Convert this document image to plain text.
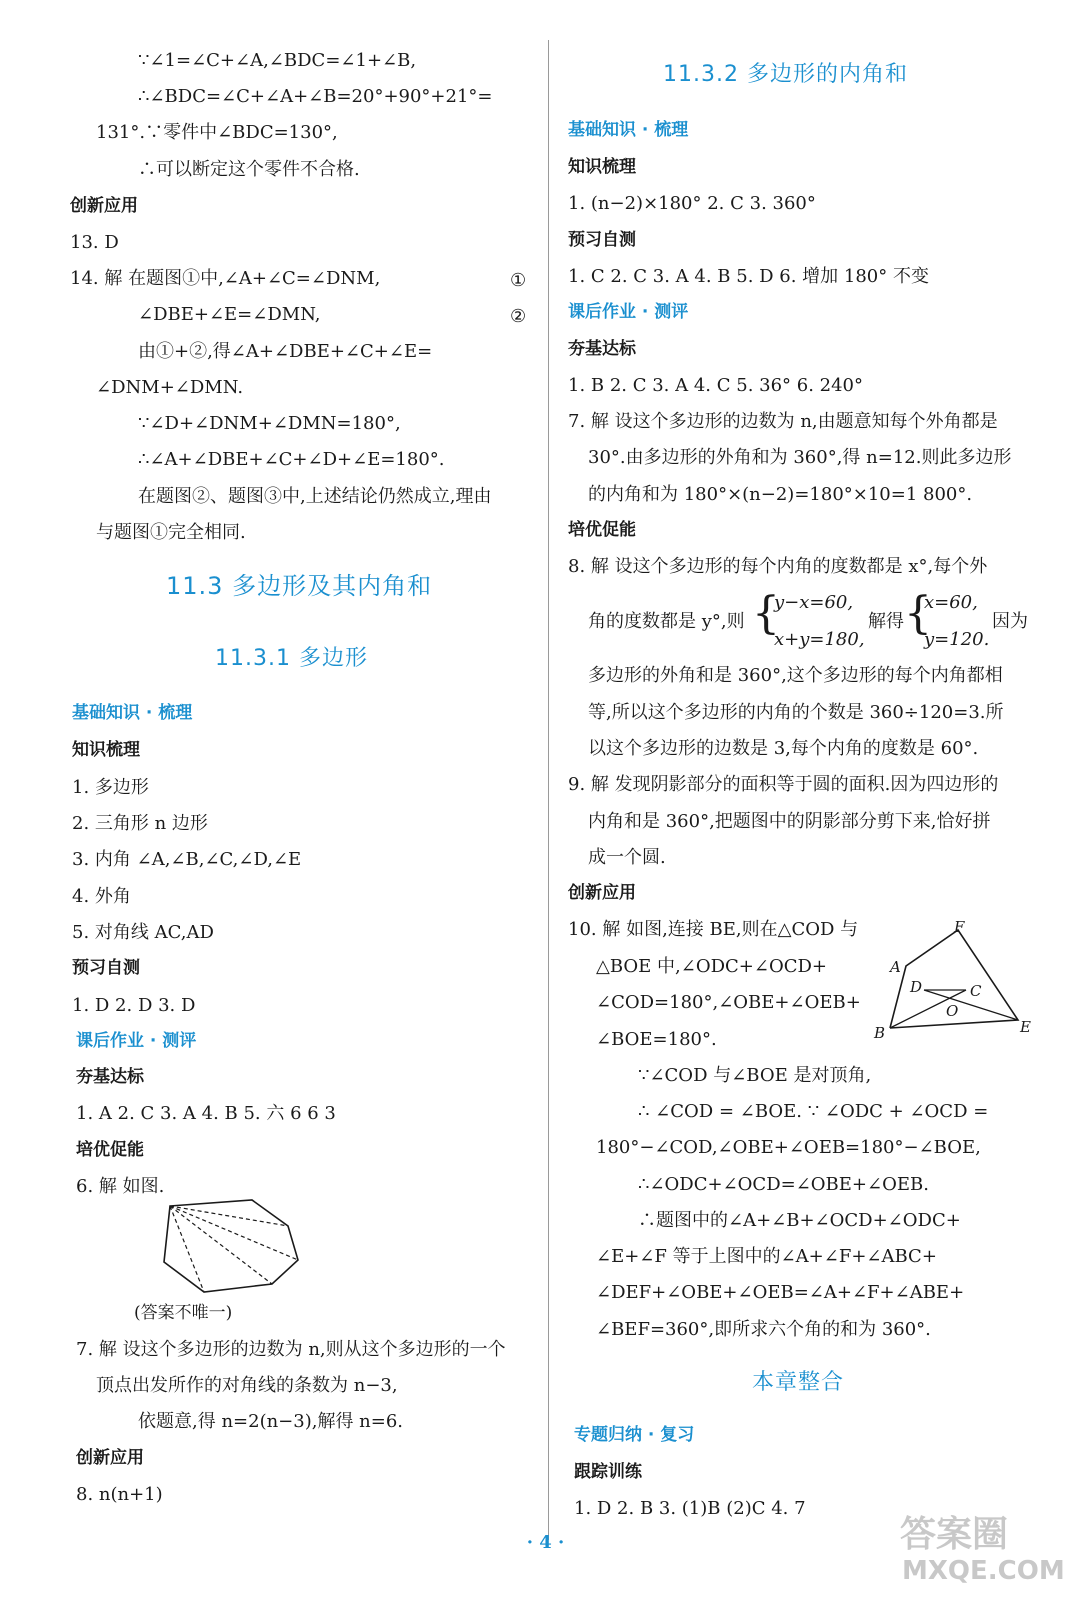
∵∠1=∠C+∠A,∠BDC=∠1+∠B,
∴∠BDC=∠C+∠A+∠B=20°+90°+21°=
131°.∵零件中∠BDC=130°,
∴可以断定这个零件不合格.
创新应用
13. D
14. 解 在题图①中,∠A+∠C=∠DNM,	①
∠DBE+∠E=∠DMN,	②
由①+②,得∠A+∠DBE+∠C+∠E=
∠DNM+∠DMN.
∵∠D+∠DNM+∠DMN=180°,
∴∠A+∠DBE+∠C+∠D+∠E=180°.
在题图②、题图③中,上述结论仍然成立,理由
与题图①完全相同.
11.3 多边形及其内角和
11.3.1 多边形
基础知识 · 梳理
知识梳理
1. 多边形
2. 三角形 n 边形
3. 内角 ∠A,∠B,∠C,∠D,∠E
4. 外角
5. 对角线 AC,AD
预习自测
1. D 2. D 3. D
课后作业 · 测评
夯基达标
1. A 2. C 3. A 4. B 5. 六 6 6 3
培优促能
6. 解 如图.
(答案不唯一)
7. 解 设这个多边形的边数为 n,则从这个多边形的一个
顶点出发所作的对角线的条数为 n−3,
依题意,得 n=2(n−3),解得 n=6.
创新应用
8. n(n+1)
11.3.2 多边形的内角和
基础知识 · 梳理
知识梳理
1. (n−2)×180° 2. C 3. 360°
预习自测
1. C 2. C 3. A 4. B 5. D 6. 增加 180° 不变
课后作业 · 测评
夯基达标
1. B 2. C 3. A 4. C 5. 36° 6. 240°
7. 解 设这个多边形的边数为 n,由题意知每个外角都是
30°.由多边形的外角和为 360°,得 n=12.则此多边形
的内角和为 180°×(n−2)=180°×10=1 800°.
培优促能
8. 解 设这个多边形的每个内角的度数都是 x°,每个外
角的度数都是 y°,则 {
y−x=60,
x+y=180,
解得 {
x=60,
y=120.
因为
多边形的外角和是 360°,这个多边形的每个内角都相
等,所以这个多边形的内角的个数是 360÷120=3.所
以这个多边形的边数是 3,每个内角的度数是 60°.
9. 解 发现阴影部分的面积等于圆的面积.因为四边形的
内角和是 360°,把题图中的阴影部分剪下来,恰好拼
成一个圆.
创新应用
10. 解 如图,连接 BE,则在△COD 与
△BOE 中,∠ODC+∠OCD+
∠COD=180°,∠OBE+∠OEB+
∠BOE=180°.
F
A
D	C
O
B	E
∵∠COD 与∠BOE 是对顶角,
∴ ∠COD = ∠BOE. ∵ ∠ODC + ∠OCD =
180°−∠COD,∠OBE+∠OEB=180°−∠BOE,
∴∠ODC+∠OCD=∠OBE+∠OEB.
∴题图中的∠A+∠B+∠OCD+∠ODC+
∠E+∠F 等于上图中的∠A+∠F+∠ABC+
∠DEF+∠OBE+∠OEB=∠A+∠F+∠ABE+
∠BEF=360°,即所求六个角的和为 360°.
本章整合
专题归纳 · 复习
跟踪训练
1. D 2. B 3. (1)B (2)C 4. 7
· 4 ·	答案圈
MXQE.COM
